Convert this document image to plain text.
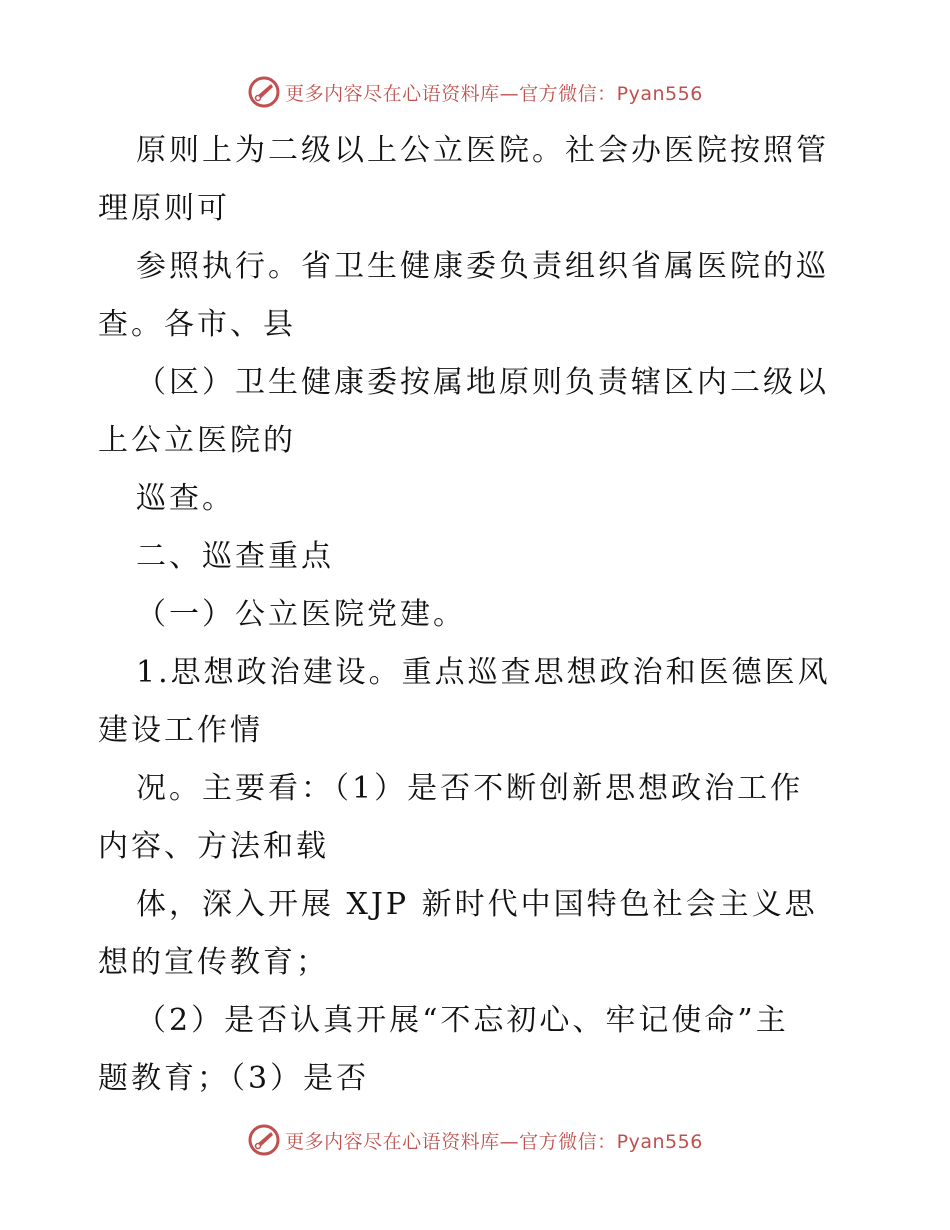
更多内容尽在心语资料库—官方微信：Pyan556

原则上为二级以上公立医院。社会办医院按照管

理原则可

参照执行。省卫生健康委负责组织省属医院的巡

查。各市、县

（区）卫生健康委按属地原则负责辖区内二级以

上公立医院的

巡查。

二、巡查重点

（一）公立医院党建。

1.思想政治建设。重点巡查思想政治和医德医风

建设工作情

况。主要看：（1）是否不断创新思想政治工作

内容、方法和载

体，深入开展 XJP 新时代中国特色社会主义思

想的宣传教育；

（2）是否认真开展“不忘初心、牢记使命”主

题教育；（3）是否

更多内容尽在心语资料库—官方微信：Pyan556
